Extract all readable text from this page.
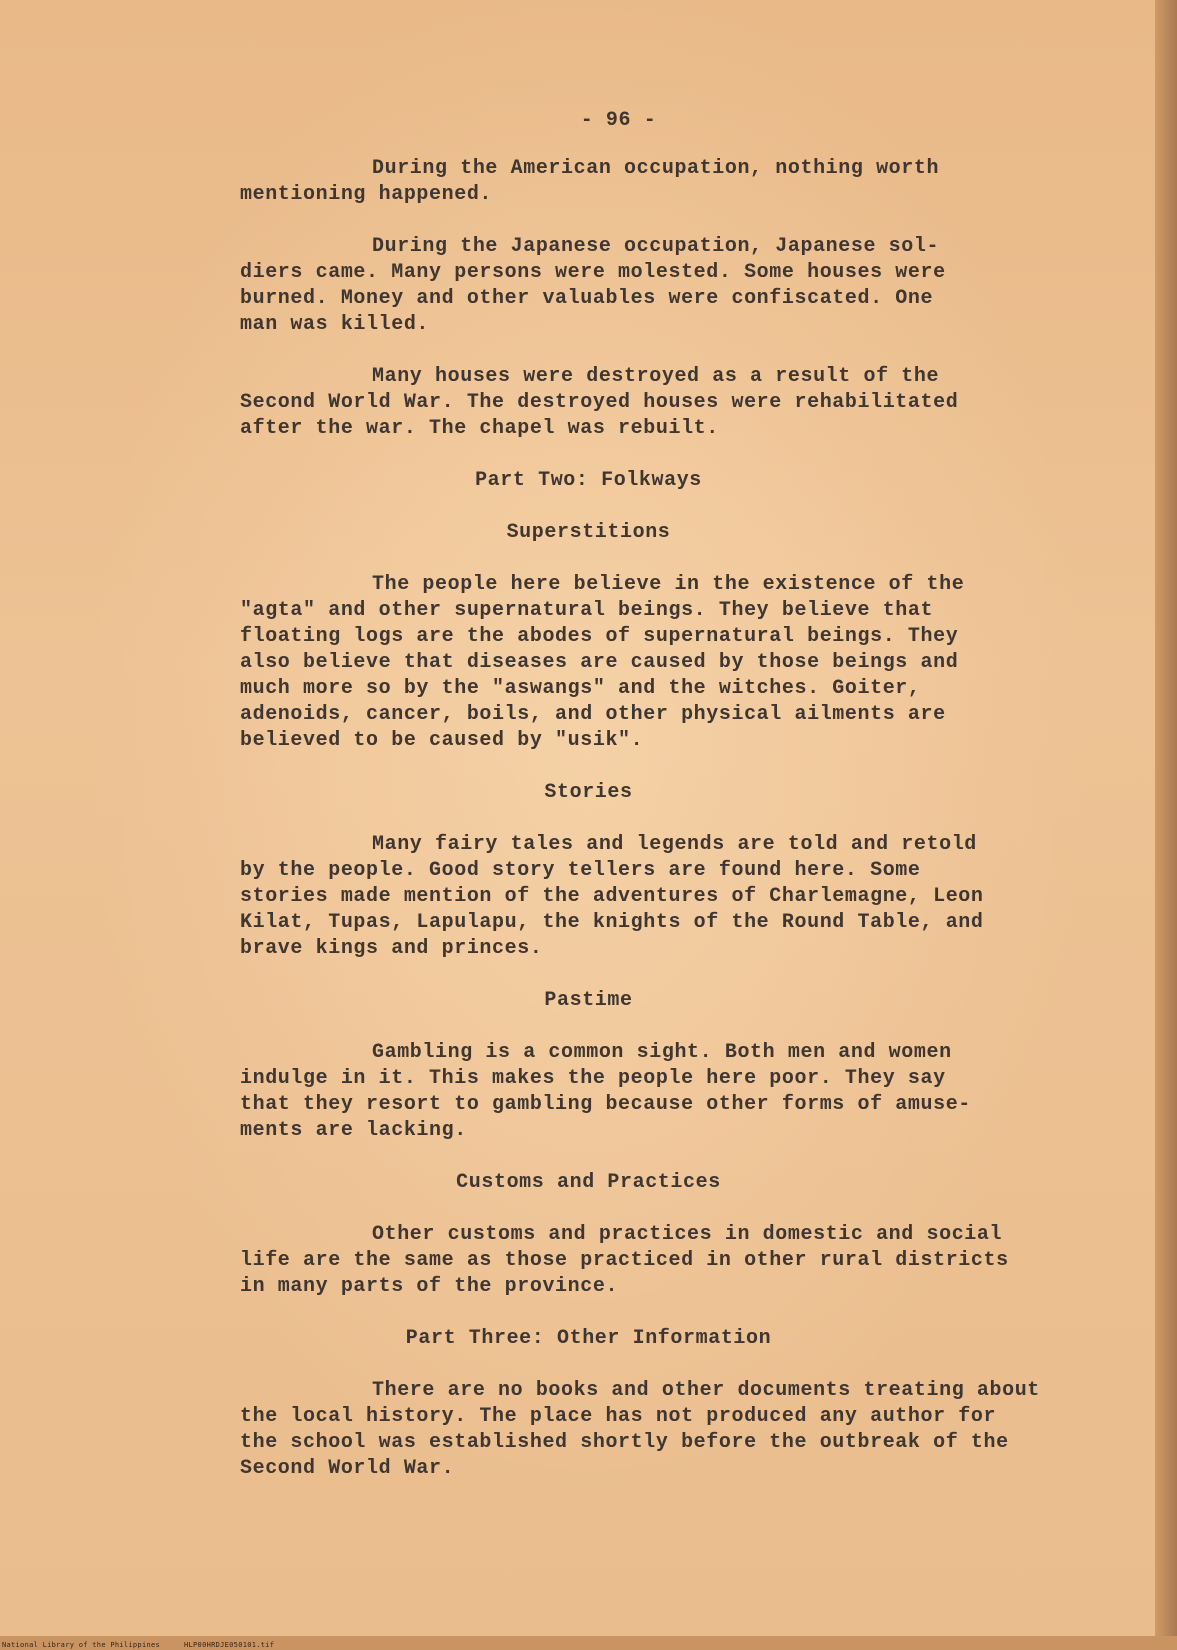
- 96 -
During the American occupation, nothing worth
mentioning happened.
During the Japanese occupation, Japanese sol-
diers came. Many persons were molested. Some houses were
burned. Money and other valuables were confiscated. One
man was killed.
Many houses were destroyed as a result of the
Second World War. The destroyed houses were rehabilitated
after the war. The chapel was rebuilt.
Part Two: Folkways
Superstitions
The people here believe in the existence of the
"agta" and other supernatural beings. They believe that
floating logs are the abodes of supernatural beings. They
also believe that diseases are caused by those beings and
much more so by the "aswangs" and the witches. Goiter,
adenoids, cancer, boils, and other physical ailments are
believed to be caused by "usik".
Stories
Many fairy tales and legends are told and retold
by the people. Good story tellers are found here. Some
stories made mention of the adventures of Charlemagne, Leon
Kilat, Tupas, Lapulapu, the knights of the Round Table, and
brave kings and princes.
Pastime
Gambling is a common sight. Both men and women
indulge in it. This makes the people here poor. They say
that they resort to gambling because other forms of amuse-
ments are lacking.
Customs and Practices
Other customs and practices in domestic and social
life are the same as those practiced in other rural districts
in many parts of the province.
Part Three: Other Information
There are no books and other documents treating about
the local history. The place has not produced any author for
the school was established shortly before the outbreak of the
Second World War.
National Library of the Philippines	HLP00HRDJE050101.tif
